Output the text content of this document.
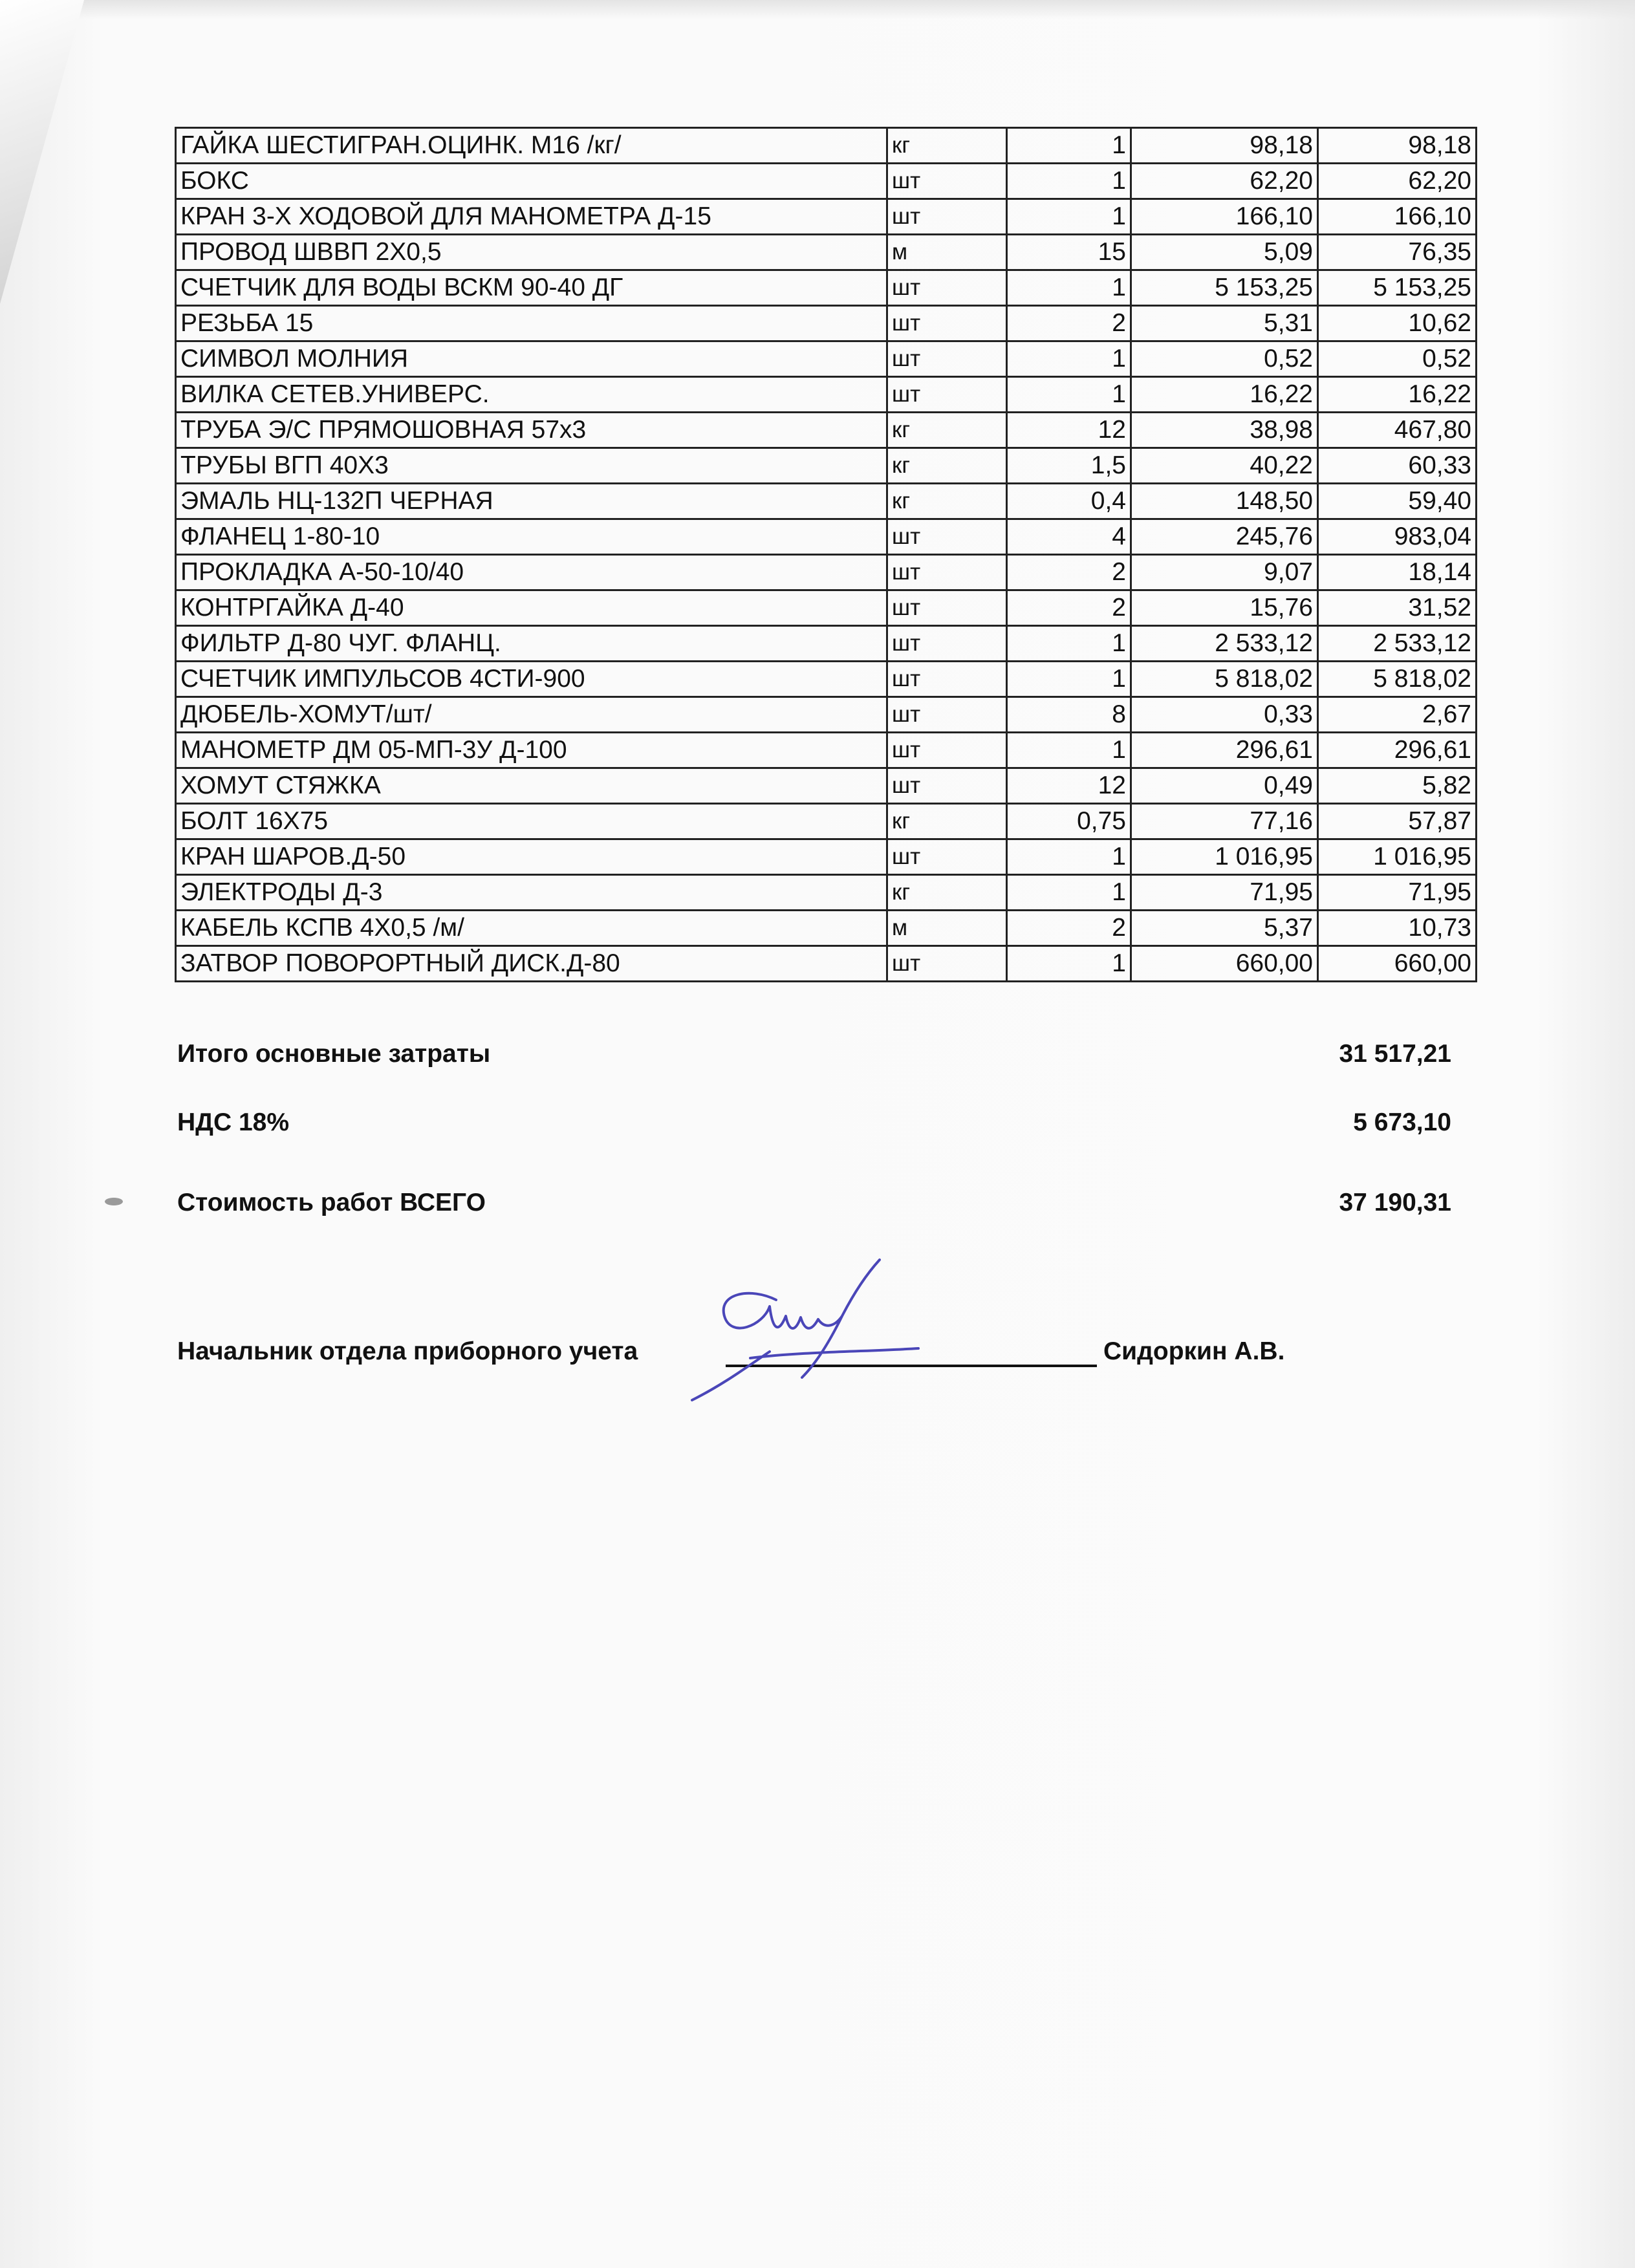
ГАЙКА ШЕСТИГРАН.ОЦИНК. М16 /кг/	кг	1	98,18	98,18
БОКС	шт	1	62,20	62,20
КРАН 3-Х ХОДОВОЙ ДЛЯ МАНОМЕТРА Д-15	шт	1	166,10	166,10
ПРОВОД ШВВП 2Х0,5	м	15	5,09	76,35
СЧЕТЧИК ДЛЯ ВОДЫ ВСКМ 90-40 ДГ	шт	1	5 153,25	5 153,25
РЕЗЬБА 15	шт	2	5,31	10,62
СИМВОЛ МОЛНИЯ	шт	1	0,52	0,52
ВИЛКА СЕТЕВ.УНИВЕРС.	шт	1	16,22	16,22
ТРУБА Э/С ПРЯМОШОВНАЯ 57х3	кг	12	38,98	467,80
ТРУБЫ ВГП 40Х3	кг	1,5	40,22	60,33
ЭМАЛЬ НЦ-132П ЧЕРНАЯ	кг	0,4	148,50	59,40
ФЛАНЕЦ 1-80-10	шт	4	245,76	983,04
ПРОКЛАДКА А-50-10/40	шт	2	9,07	18,14
КОНТРГАЙКА Д-40	шт	2	15,76	31,52
ФИЛЬТР Д-80 ЧУГ. ФЛАНЦ.	шт	1	2 533,12	2 533,12
СЧЕТЧИК ИМПУЛЬСОВ 4СТИ-900	шт	1	5 818,02	5 818,02
ДЮБЕЛЬ-ХОМУТ/шт/	шт	8	0,33	2,67
МАНОМЕТР ДМ 05-МП-3У Д-100	шт	1	296,61	296,61
ХОМУТ СТЯЖКА	шт	12	0,49	5,82
БОЛТ 16Х75	кг	0,75	77,16	57,87
КРАН ШАРОВ.Д-50	шт	1	1 016,95	1 016,95
ЭЛЕКТРОДЫ Д-3	кг	1	71,95	71,95
КАБЕЛЬ КСПВ 4Х0,5 /м/	м	2	5,37	10,73
ЗАТВОР ПОВОРОРТНЫЙ ДИСК.Д-80	шт	1	660,00	660,00
Итого основные затраты	31 517,21
НДС 18%	5 673,10
Стоимость работ ВСЕГО	37 190,31
Начальник отдела приборного учета	Сидоркин А.В.
